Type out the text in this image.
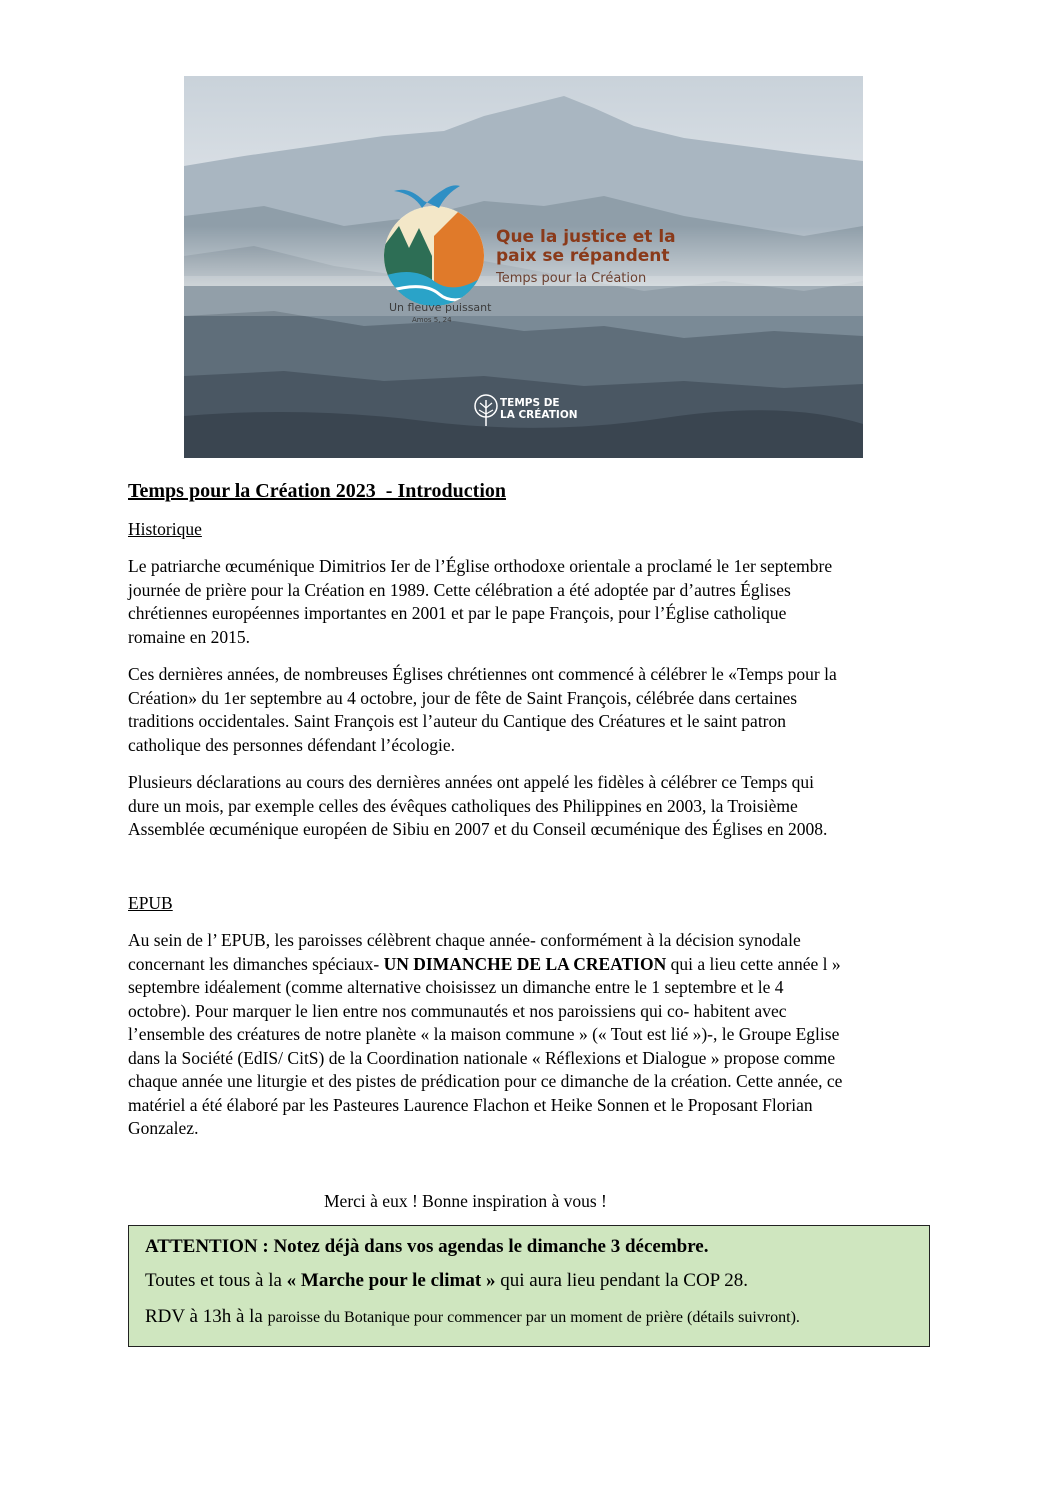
Que la justice et la
paix se répandent
Temps pour la Création
Un fleuve puissant
Amos 5, 24
TEMPS DE
LA CRÉATION
Temps pour la Création 2023  - Introduction

Historique

Le patriarche œcuménique Dimitrios Ier de l’Église orthodoxe orientale a proclamé le 1er septembre
journée de prière pour la Création en 1989. Cette célébration a été adoptée par d’autres Églises
chrétiennes européennes importantes en 2001 et par le pape François, pour l’Église catholique
romaine en 2015.

Ces dernières années, de nombreuses Églises chrétiennes ont commencé à célébrer le «Temps pour la
Création» du 1er septembre au 4 octobre, jour de fête de Saint François, célébrée dans certaines
traditions occidentales. Saint François est l’auteur du Cantique des Créatures et le saint patron
catholique des personnes défendant l’écologie.

Plusieurs déclarations au cours des dernières années ont appelé les fidèles à célébrer ce Temps qui
dure un mois, par exemple celles des évêques catholiques des Philippines en 2003, la Troisième
Assemblée œcuménique européen de Sibiu en 2007 et du Conseil œcuménique des Églises en 2008.

EPUB

Au sein de l’ EPUB, les paroisses célèbrent chaque année- conformément à la décision synodale
concernant les dimanches spéciaux- UN DIMANCHE DE LA CREATION qui a lieu cette année l »
septembre idéalement (comme alternative choisissez un dimanche entre le 1 septembre et le 4
octobre). Pour marquer le lien entre nos communautés et nos paroissiens qui co- habitent avec
l’ensemble des créatures de notre planète « la maison commune » (« Tout est lié »)-, le Groupe Eglise
dans la Société (EdIS/ CitS) de la Coordination nationale « Réflexions et Dialogue » propose comme
chaque année une liturgie et des pistes de prédication pour ce dimanche de la création. Cette année, ce
matériel a été élaboré par les Pasteures Laurence Flachon et Heike Sonnen et le Proposant Florian
Gonzalez.

Merci à eux ! Bonne inspiration à vous !

ATTENTION : Notez déjà dans vos agendas le dimanche 3 décembre.

Toutes et tous à la « Marche pour le climat » qui aura lieu pendant la COP 28.

RDV à 13h à la paroisse du Botanique pour commencer par un moment de prière (détails suivront).
